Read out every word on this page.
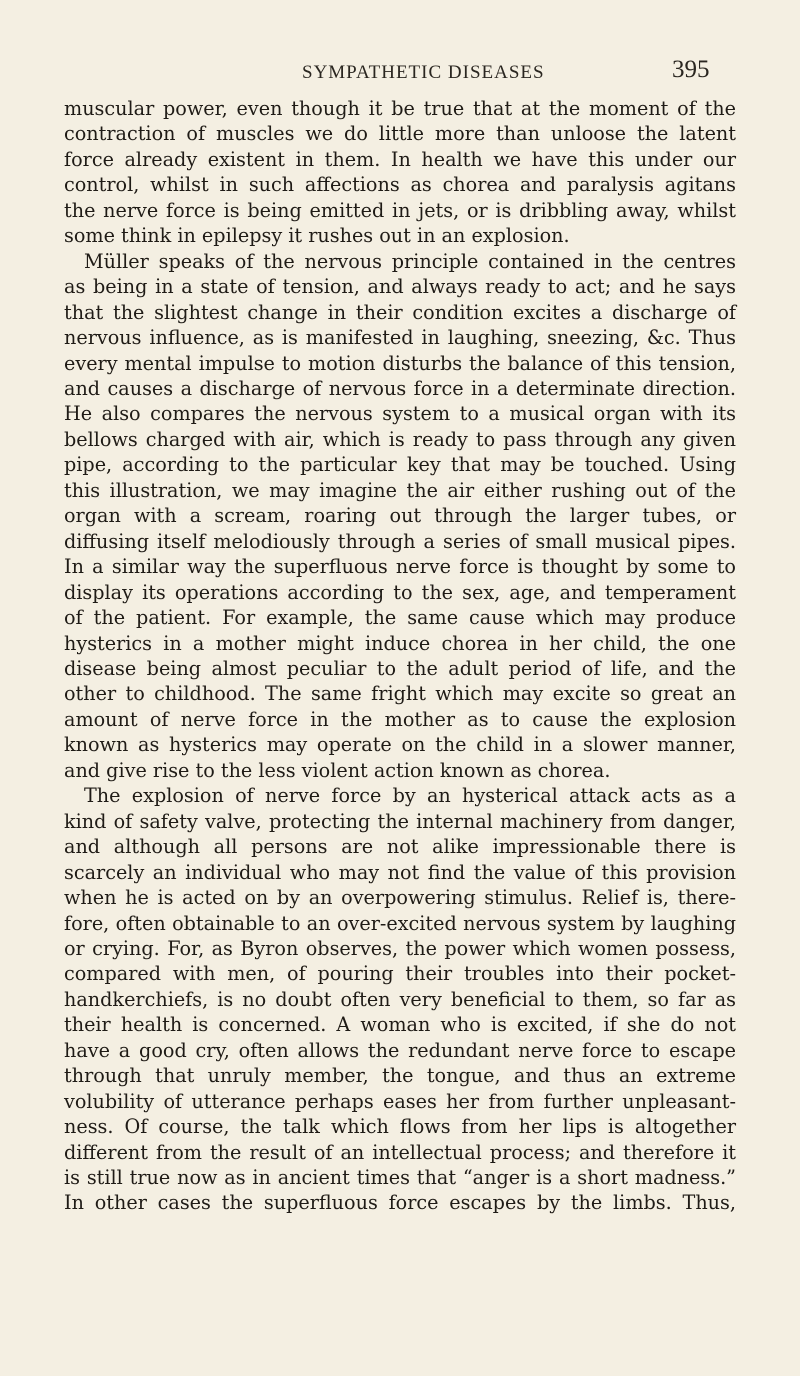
SYMPATHETIC DISEASES	395
muscular power, even though it be true that at the moment of the
contraction of muscles we do little more than unloose the latent
force already existent in them. In health we have this under our
control, whilst in such affections as chorea and paralysis agitans
the nerve force is being emitted in jets, or is dribbling away, whilst
some think in epilepsy it rushes out in an explosion.
Müller speaks of the nervous principle contained in the centres
as being in a state of tension, and always ready to act; and he says
that the slightest change in their condition excites a discharge of
nervous influence, as is manifested in laughing, sneezing, &c. Thus
every mental impulse to motion disturbs the balance of this tension,
and causes a discharge of nervous force in a determinate direction.
He also compares the nervous system to a musical organ with its
bellows charged with air, which is ready to pass through any given
pipe, according to the particular key that may be touched. Using
this illustration, we may imagine the air either rushing out of the
organ with a scream, roaring out through the larger tubes, or
diffusing itself melodiously through a series of small musical pipes.
In a similar way the superfluous nerve force is thought by some to
display its operations according to the sex, age, and temperament
of the patient. For example, the same cause which may produce
hysterics in a mother might induce chorea in her child, the one
disease being almost peculiar to the adult period of life, and the
other to childhood. The same fright which may excite so great an
amount of nerve force in the mother as to cause the explosion
known as hysterics may operate on the child in a slower manner,
and give rise to the less violent action known as chorea.
The explosion of nerve force by an hysterical attack acts as a
kind of safety valve, protecting the internal machinery from danger,
and although all persons are not alike impressionable there is
scarcely an individual who may not find the value of this provision
when he is acted on by an overpowering stimulus. Relief is, there-
fore, often obtainable to an over-excited nervous system by laughing
or crying. For, as Byron observes, the power which women possess,
compared with men, of pouring their troubles into their pocket-
handkerchiefs, is no doubt often very beneficial to them, so far as
their health is concerned. A woman who is excited, if she do not
have a good cry, often allows the redundant nerve force to escape
through that unruly member, the tongue, and thus an extreme
volubility of utterance perhaps eases her from further unpleasant-
ness. Of course, the talk which flows from her lips is altogether
different from the result of an intellectual process; and therefore it
is still true now as in ancient times that “anger is a short madness.”
In other cases the superfluous force escapes by the limbs. Thus,
